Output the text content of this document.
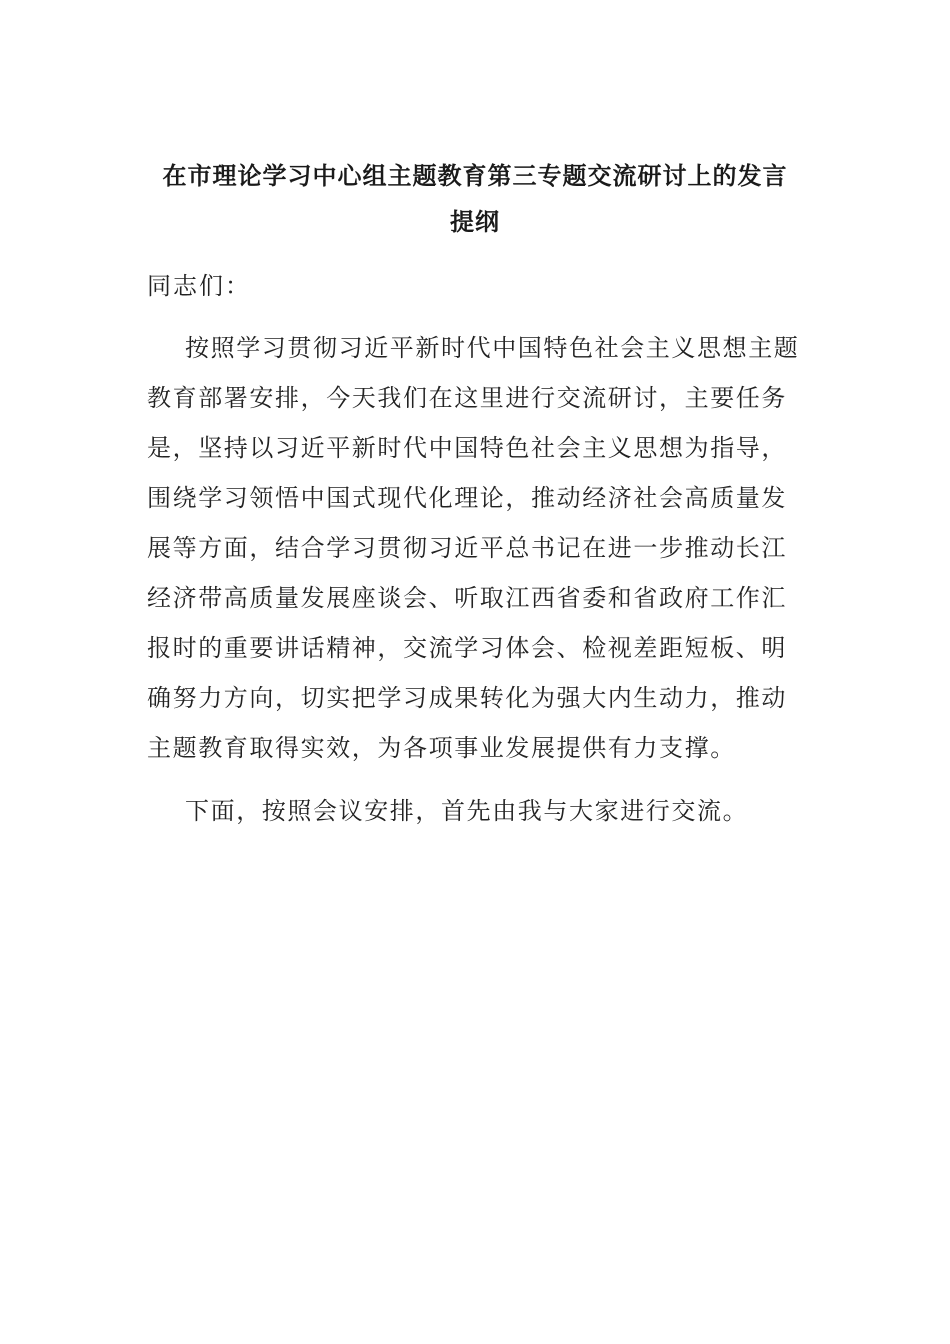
在市理论学习中心组主题教育第三专题交流研讨上的发言
提纲
同志们：
按照学习贯彻习近平新时代中国特色社会主义思想主题
教育部署安排，今天我们在这里进行交流研讨，主要任务
是，坚持以习近平新时代中国特色社会主义思想为指导，
围绕学习领悟中国式现代化理论，推动经济社会高质量发
展等方面，结合学习贯彻习近平总书记在进一步推动长江
经济带高质量发展座谈会、听取江西省委和省政府工作汇
报时的重要讲话精神，交流学习体会、检视差距短板、明
确努力方向，切实把学习成果转化为强大内生动力，推动
主题教育取得实效，为各项事业发展提供有力支撑。
下面，按照会议安排，首先由我与大家进行交流。
